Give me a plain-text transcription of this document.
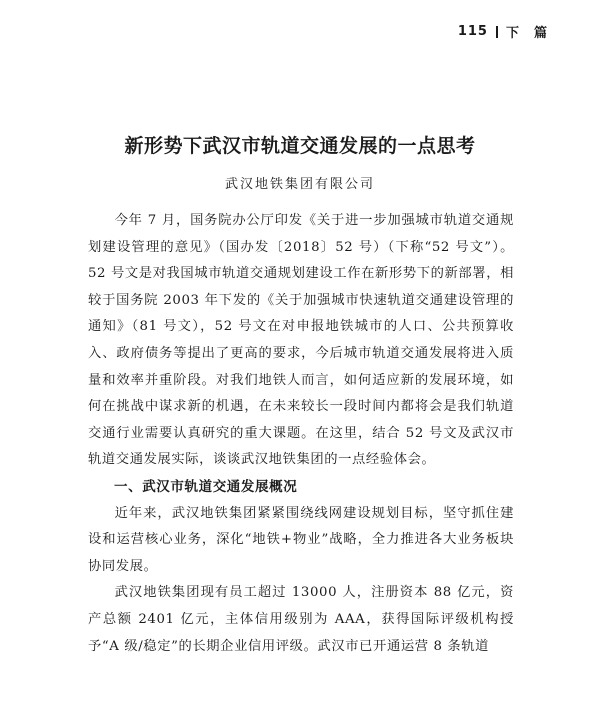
115 下　篇
新形势下武汉市轨道交通发展的一点思考
武汉地铁集团有限公司

今年 7 月，国务院办公厅印发《关于进一步加强城市轨道交通规划建设管理的意见》（国办发〔2018〕52 号）（下称“52 号文”）。52 号文是对我国城市轨道交通规划建设工作在新形势下的新部署，相较于国务院 2003 年下发的《关于加强城市快速轨道交通建设管理的通知》（81 号文），52 号文在对申报地铁城市的人口、公共预算收入、政府债务等提出了更高的要求，今后城市轨道交通发展将进入质量和效率并重阶段。对我们地铁人而言，如何适应新的发展环境，如何在挑战中谋求新的机遇，在未来较长一段时间内都将会是我们轨道交通行业需要认真研究的重大课题。在这里，结合 52 号文及武汉市轨道交通发展实际，谈谈武汉地铁集团的一点经验体会。

一、武汉市轨道交通发展概况

近年来，武汉地铁集团紧紧围绕线网建设规划目标，坚守抓住建设和运营核心业务，深化“地铁+物业”战略，全力推进各大业务板块协同发展。

武汉地铁集团现有员工超过 13000 人，注册资本 88 亿元，资产总额 2401 亿元，主体信用级别为 AAA，获得国际评级机构授予“A 级/稳定”的长期企业信用评级。武汉市已开通运营 8 条轨道
